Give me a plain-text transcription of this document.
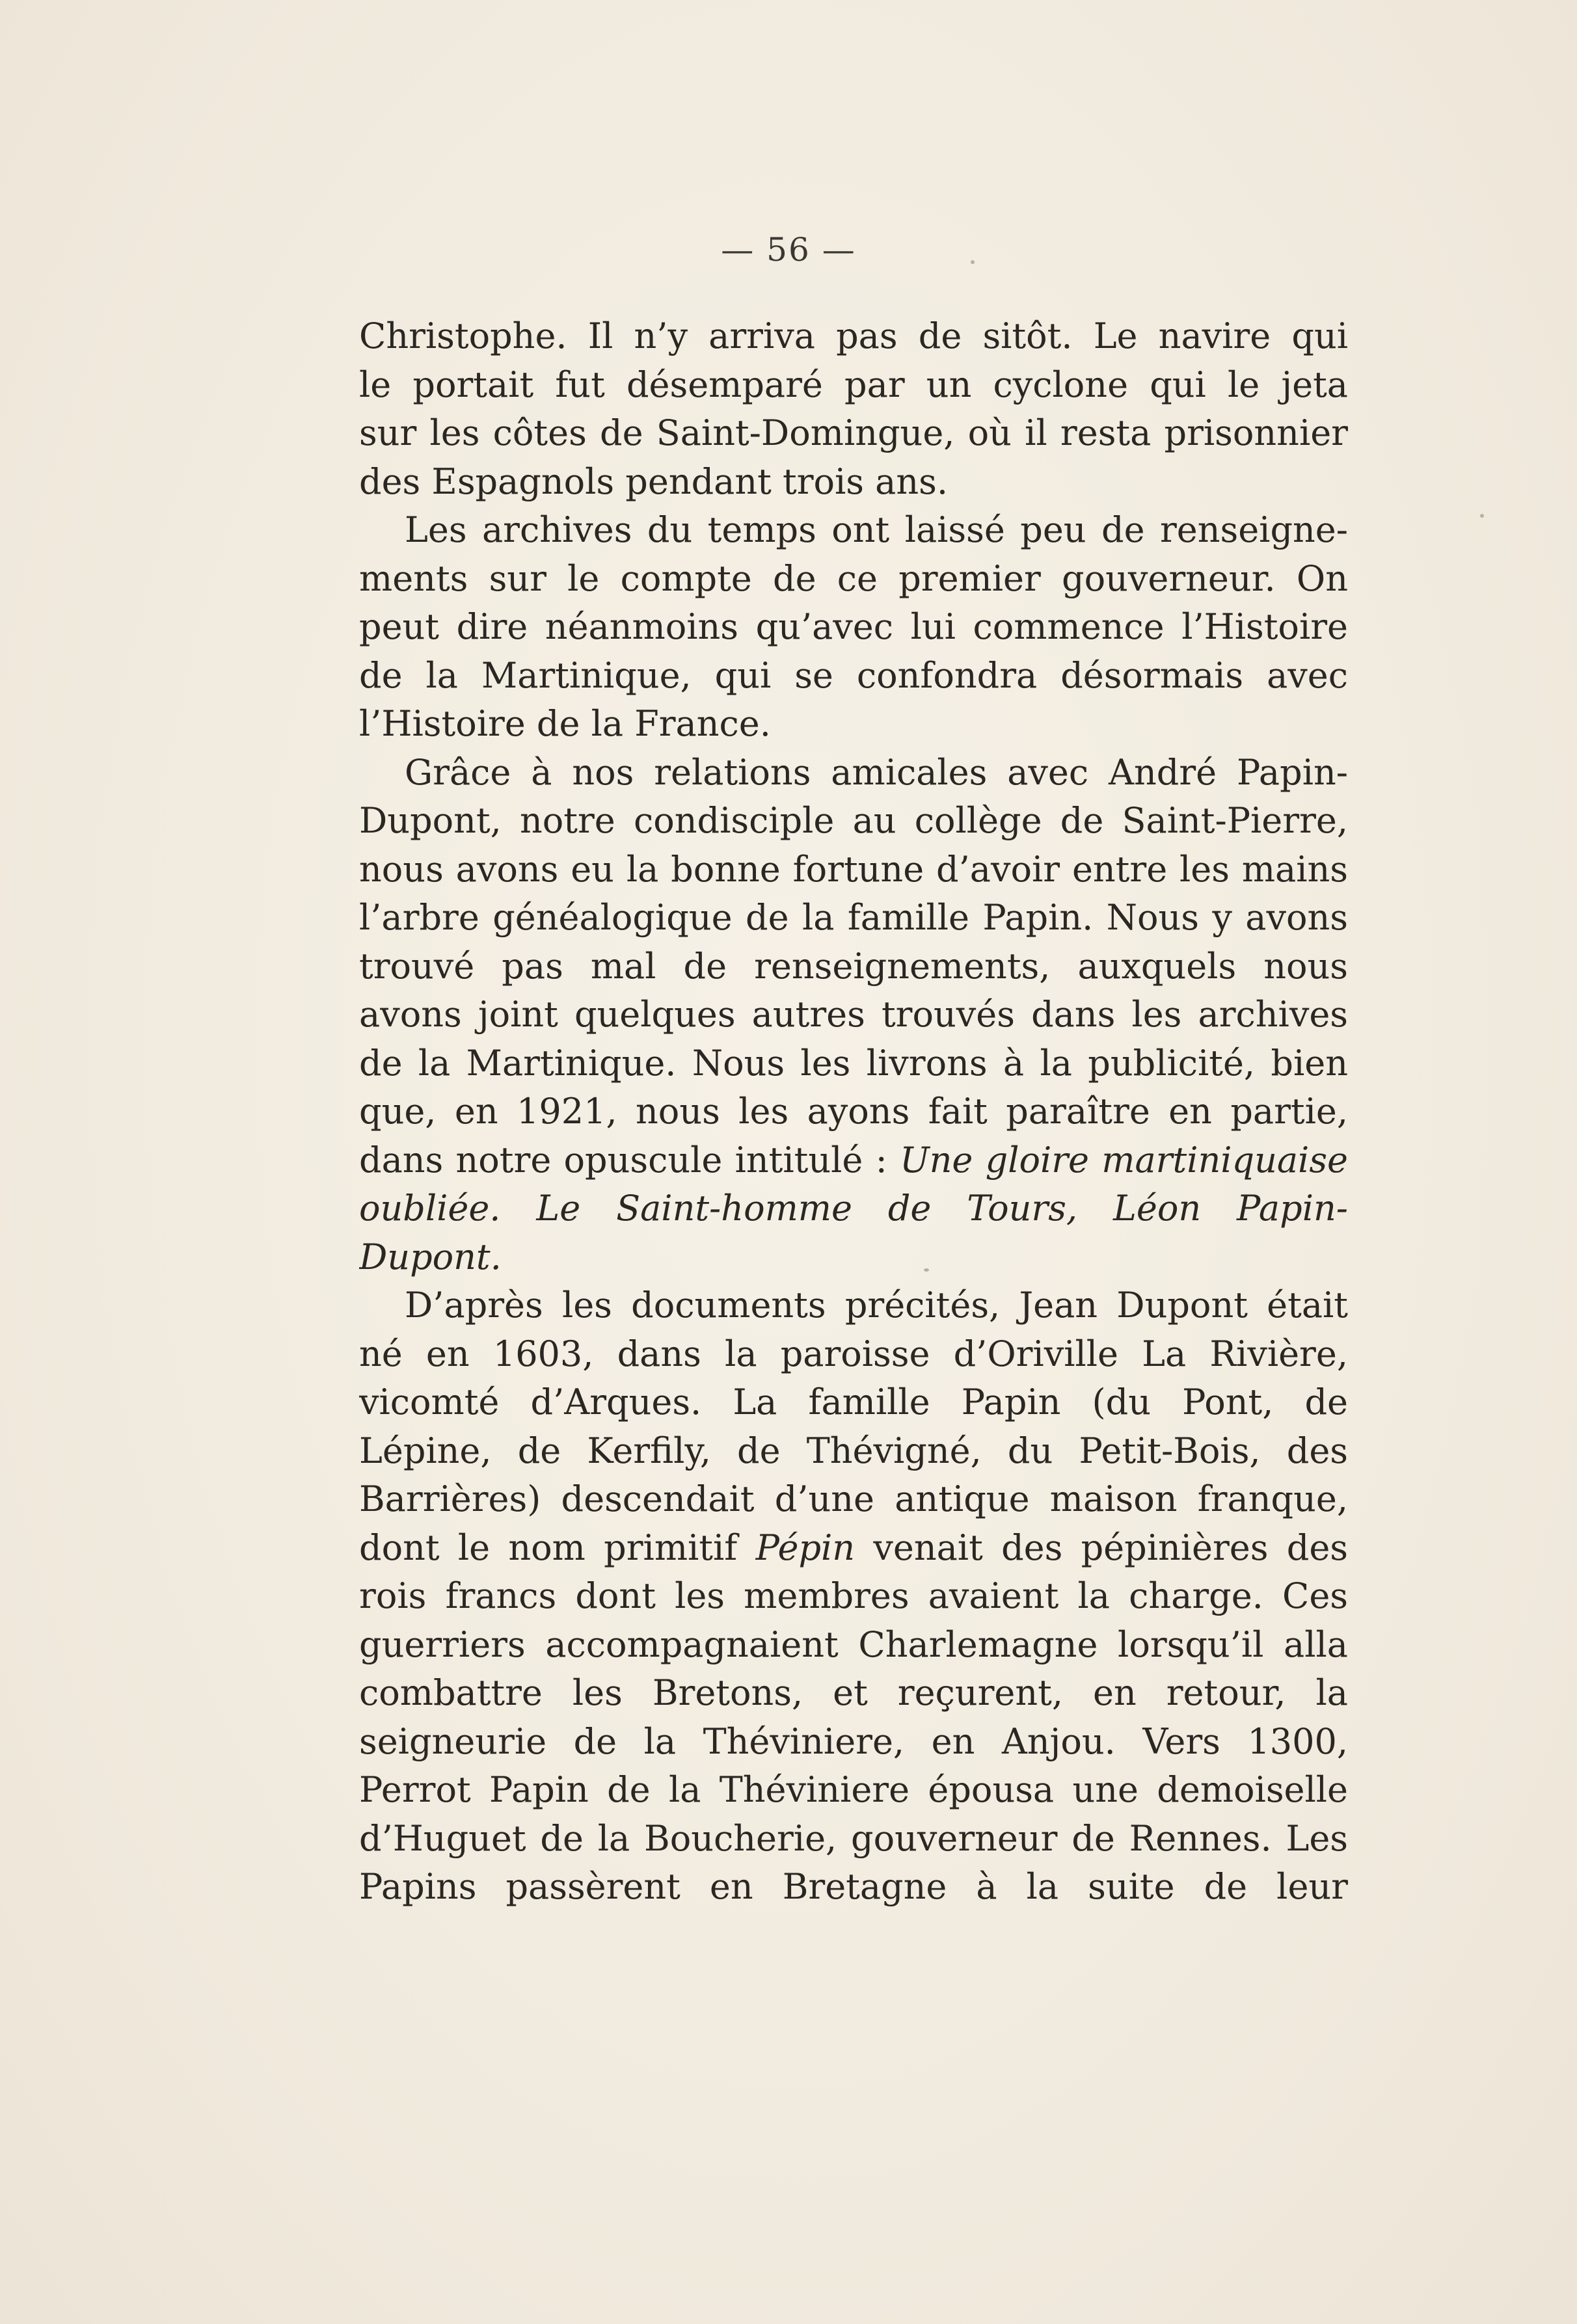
— 56 —
Christophe. Il n’y arriva pas de sitôt. Le navire qui
le portait fut désemparé par un cyclone qui le jeta
sur les côtes de Saint-Domingue, où il resta prisonnier
des Espagnols pendant trois ans.
Les archives du temps ont laissé peu de renseigne-
ments sur le compte de ce premier gouverneur. On
peut dire néanmoins qu’avec lui commence l’Histoire
de la Martinique, qui se confondra désormais avec
l’Histoire de la France.
Grâce à nos relations amicales avec André Papin-
Dupont, notre condisciple au collège de Saint-Pierre,
nous avons eu la bonne fortune d’avoir entre les mains
l’arbre généalogique de la famille Papin. Nous y avons
trouvé pas mal de renseignements, auxquels nous
avons joint quelques autres trouvés dans les archives
de la Martinique. Nous les livrons à la publicité, bien
que, en 1921, nous les ayons fait paraître en partie,
dans notre opuscule intitulé : Une gloire martiniquaise
oubliée. Le Saint-homme de Tours, Léon Papin-
Dupont.
D’après les documents précités, Jean Dupont était
né en 1603, dans la paroisse d’Oriville La Rivière,
vicomté d’Arques. La famille Papin (du Pont, de
Lépine, de Kerfily, de Thévigné, du Petit-Bois, des
Barrières) descendait d’une antique maison franque,
dont le nom primitif Pépin venait des pépinières des
rois francs dont les membres avaient la charge. Ces
guerriers accompagnaient Charlemagne lorsqu’il alla
combattre les Bretons, et reçurent, en retour, la
seigneurie de la Théviniere, en Anjou. Vers 1300,
Perrot Papin de la Théviniere épousa une demoiselle
d’Huguet de la Boucherie, gouverneur de Rennes. Les
Papins passèrent en Bretagne à la suite de leur
